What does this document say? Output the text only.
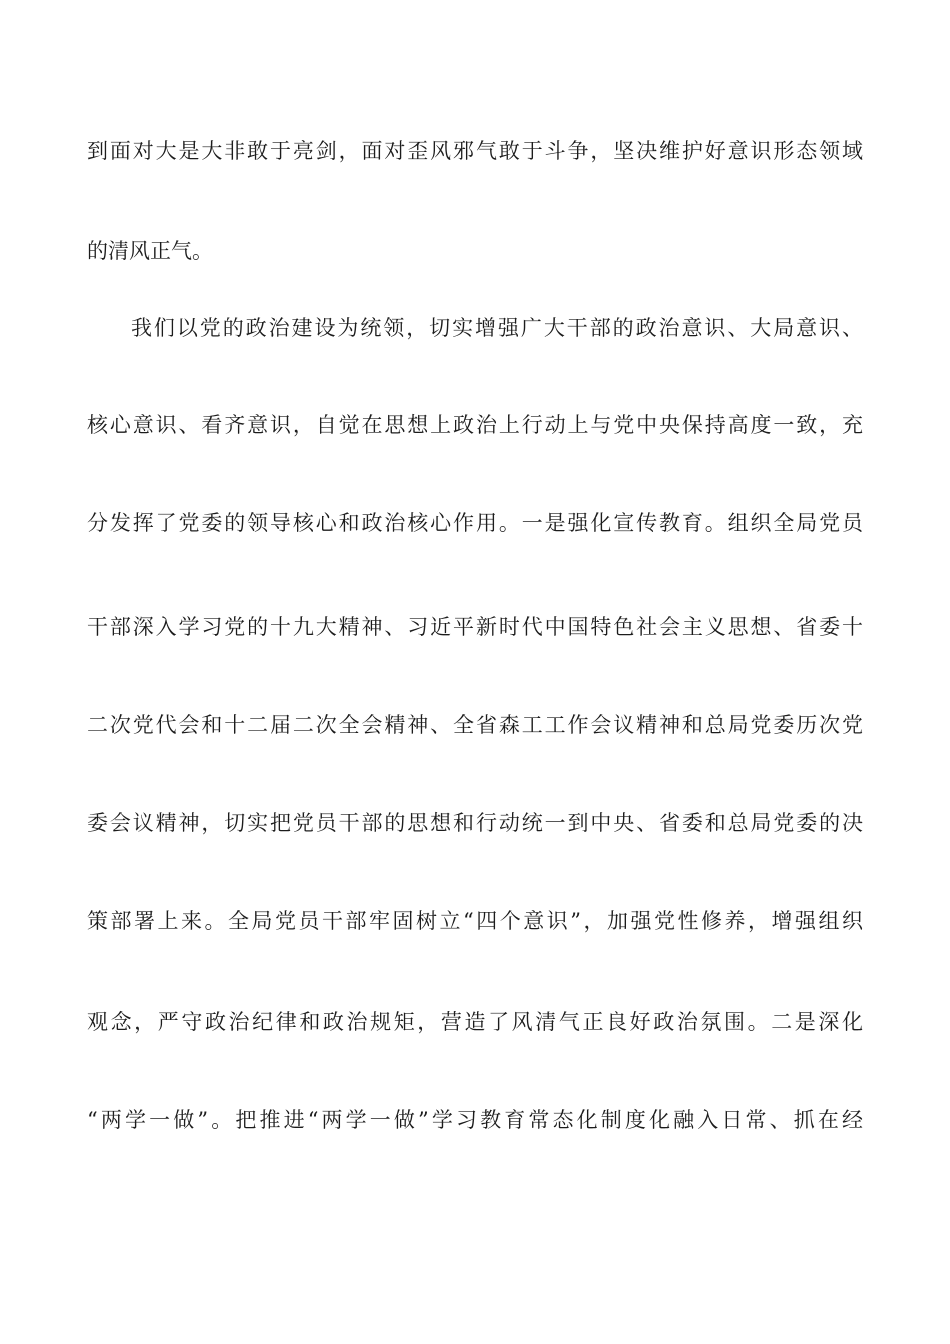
到面对大是大非敢于亮剑，面对歪风邪气敢于斗争，坚决维护好意识形态领域
的清风正气。
我们以党的政治建设为统领，切实增强广大干部的政治意识、大局意识、
核心意识、看齐意识，自觉在思想上政治上行动上与党中央保持高度一致，充
分发挥了党委的领导核心和政治核心作用。一是强化宣传教育。组织全局党员
干部深入学习党的十九大精神、习近平新时代中国特色社会主义思想、省委十
二次党代会和十二届二次全会精神、全省森工工作会议精神和总局党委历次党
委会议精神，切实把党员干部的思想和行动统一到中央、省委和总局党委的决
策部署上来。全局党员干部牢固树立“四个意识”，加强党性修养，增强组织
观念，严守政治纪律和政治规矩，营造了风清气正良好政治氛围。二是深化
“两学一做”。把推进“两学一做”学习教育常态化制度化融入日常、抓在经
